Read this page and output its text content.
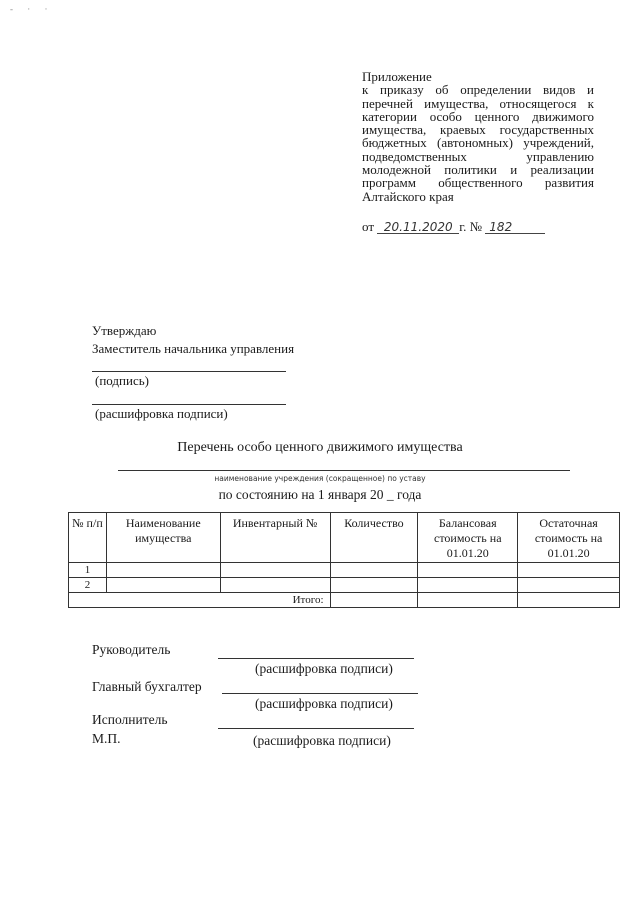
- · ·
Приложение
к приказу об определении видов и перечней имущества, относящегося к категории особо ценного движимого имущества, краевых государственных бюджетных (автономных) учреждений, подведомственных управлению молодежной политики и реализации программ общественного развития Алтайского края
от 20.11.2020 г. № 182
Утверждаю
Заместитель начальника управления
(подпись)
(расшифровка подписи)
Перечень особо ценного движимого имущества
наименование учреждения (сокращенное) по уставу
по состоянию на 1 января 20 _ года
№ п/п	Наименование имущества	Инвентарный №	Количество	Балансовая стоимость на 01.01.20	Остаточная стоимость на 01.01.20
1					
2					
Итого:					
Руководитель
(расшифровка подписи)
Главный бухгалтер
(расшифровка подписи)
Исполнитель
М.П.	(расшифровка подписи)
